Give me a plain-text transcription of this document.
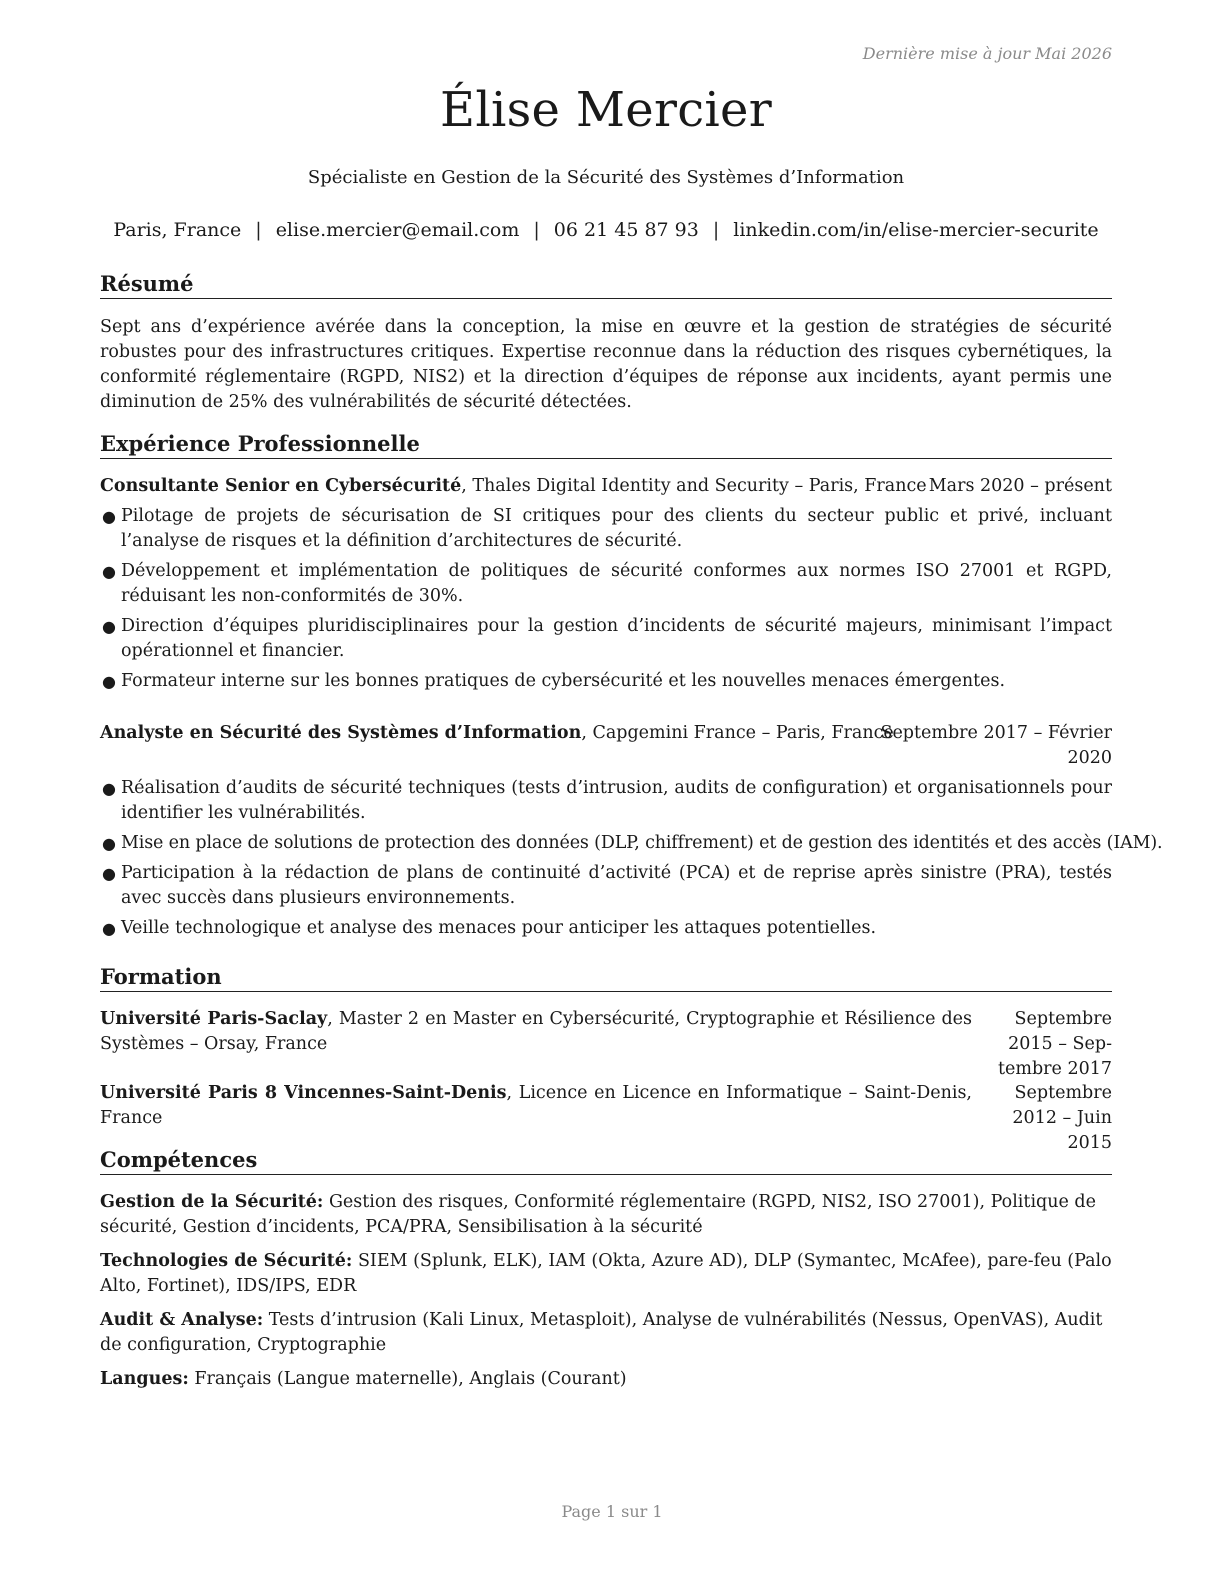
Dernière mise à jour Mai 2026
Élise Mercier
Spécialiste en Gestion de la Sécurité des Systèmes d’Information
Paris, France | elise.mercier@email.com | 06 21 45 87 93 | linkedin.com/in/elise-mercier-securite
Résumé
Sept ans d’expérience avérée dans la conception, la mise en œuvre et la gestion de stratégies de sécurité robustes pour des infrastructures critiques. Expertise reconnue dans la réduction des risques cybernétiques, la conformité réglementaire (RGPD, NIS2) et la direction d’équipes de réponse aux incidents, ayant permis une diminution de 25% des vulnérabilités de sécurité détectées.
Expérience Professionnelle
Consultante Senior en Cybersécurité, Thales Digital Identity and Security – Paris, France Mars 2020 – présent
● Pilotage de projets de sécurisation de SI critiques pour des clients du secteur public et privé, incluant l’analyse de risques et la définition d’architectures de sécurité.
● Développement et implémentation de politiques de sécurité conformes aux normes ISO 27001 et RGPD, réduisant les non-conformités de 30%.
● Direction d’équipes pluridisciplinaires pour la gestion d’incidents de sécurité majeurs, minimisant l’impact opérationnel et financier.
● Formateur interne sur les bonnes pratiques de cybersécurité et les nouvelles menaces émergentes.
Analyste en Sécurité des Systèmes d’Information, Capgemini France – Paris, France
Septembre 2017 – Février
2020
● Réalisation d’audits de sécurité techniques (tests d’intrusion, audits de configuration) et organisationnels pour identifier les vulnérabilités.
● Mise en place de solutions de protection des données (DLP, chiffrement) et de gestion des identités et des accès (IAM).
● Participation à la rédaction de plans de continuité d’activité (PCA) et de reprise après sinistre (PRA), testés avec succès dans plusieurs environnements.
● Veille technologique et analyse des menaces pour anticiper les attaques potentielles.
Formation
Université Paris-Saclay, Master 2 en Master en Cybersécurité, Cryptographie et Résilience des Systèmes – Orsay, France
Septembre 2015 – Sep-
tembre 2017
Université Paris 8 Vincennes-Saint-Denis, Licence en Licence en Informatique – Saint-Denis, France
Septembre 2012 – Juin
2015
Compétences
Gestion de la Sécurité: Gestion des risques, Conformité réglementaire (RGPD, NIS2, ISO 27001), Politique de sécurité, Gestion d’incidents, PCA/PRA, Sensibilisation à la sécurité
Technologies de Sécurité: SIEM (Splunk, ELK), IAM (Okta, Azure AD), DLP (Symantec, McAfee), pare-feu (Palo Alto, Fortinet), IDS/IPS, EDR
Audit & Analyse: Tests d’intrusion (Kali Linux, Metasploit), Analyse de vulnérabilités (Nessus, OpenVAS), Audit de configuration, Cryptographie
Langues: Français (Langue maternelle), Anglais (Courant)
Page 1 sur 1
